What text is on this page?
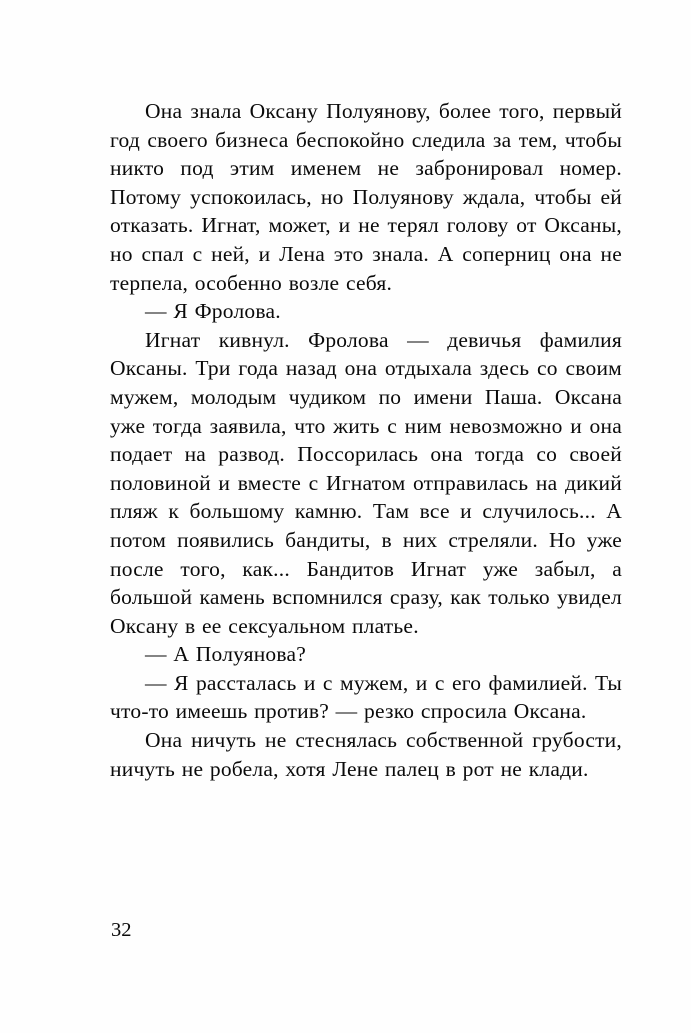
Она знала Оксану Полуянову, более того, первый год своего бизнеса беспокойно следила за тем, чтобы никто под этим именем не забронировал номер. Потому успокоилась, но Полуянову ждала, чтобы ей отказать. Игнат, может, и не терял голову от Оксаны, но спал с ней, и Лена это знала. А соперниц она не терпела, особенно возле себя.

— Я Фролова.

Игнат кивнул. Фролова — девичья фамилия Оксаны. Три года назад она отдыхала здесь со своим мужем, молодым чудиком по имени Паша. Оксана уже тогда заявила, что жить с ним невозможно и она подает на развод. Поссорилась она тогда со своей половиной и вместе с Игнатом отправилась на дикий пляж к большому камню. Там все и случилось... А потом появились бандиты, в них стреляли. Но уже после того, как... Бандитов Игнат уже забыл, а большой камень вспомнился сразу, как только увидел Оксану в ее сексуальном платье.

— А Полуянова?

— Я рассталась и с мужем, и с его фамилией. Ты что-то имеешь против? — резко спросила Оксана.

Она ничуть не стеснялась собственной грубости, ничуть не робела, хотя Лене палец в рот не клади.

32
